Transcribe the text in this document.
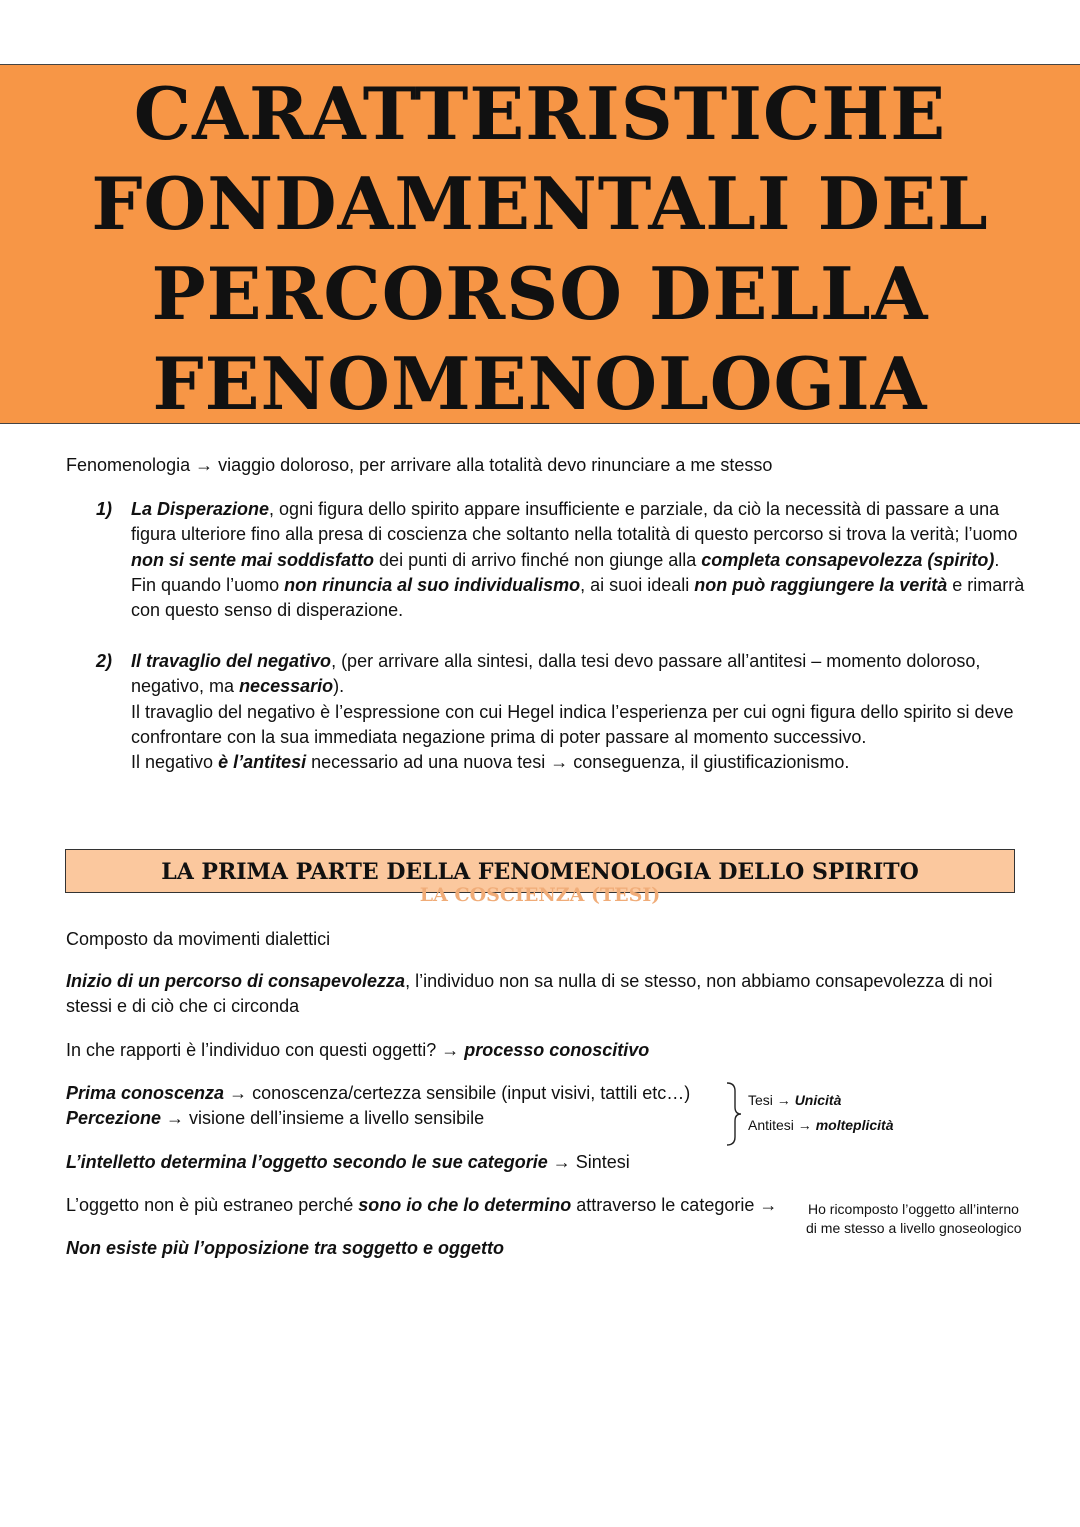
CARATTERISTICHE
FONDAMENTALI DEL
PERCORSO DELLA
FENOMENOLOGIA
Fenomenologia → viaggio doloroso, per arrivare alla totalità devo rinunciare a me stesso
1) La Disperazione, ogni figura dello spirito appare insufficiente e parziale, da ciò la necessità di passare a una figura ulteriore fino alla presa di coscienza che soltanto nella totalità di questo percorso si trova la verità; l’uomo non si sente mai soddisfatto dei punti di arrivo finché non giunge alla completa consapevolezza (spirito). Fin quando l’uomo non rinuncia al suo individualismo, ai suoi ideali non può raggiungere la verità e rimarrà con questo senso di disperazione.
2) Il travaglio del negativo, (per arrivare alla sintesi, dalla tesi devo passare all’antitesi – momento doloroso, negativo, ma necessario).

Il travaglio del negativo è l’espressione con cui Hegel indica l’esperienza per cui ogni figura dello spirito si deve confrontare con la sua immediata negazione prima di poter passare al momento successivo.

Il negativo è l’antitesi necessario ad una nuova tesi → conseguenza, il giustificazionismo.

LA PRIMA PARTE DELLA FENOMENOLOGIA DELLO SPIRITO
LA COSCIENZA (TESI)
Composto da movimenti dialettici
Inizio di un percorso di consapevolezza, l’individuo non sa nulla di se stesso, non abbiamo consapevolezza di noi stessi e di ciò che ci circonda
In che rapporti è l’individuo con questi oggetti? → processo conoscitivo
Prima conoscenza → conoscenza/certezza sensibile (input visivi, tattili etc…)
Percezione → visione dell’insieme a livello sensibile
Tesi → Unicità
Antitesi → molteplicità
L’intelletto determina l’oggetto secondo le sue categorie → Sintesi
L’oggetto non è più estraneo perché sono io che lo determino attraverso le categorie →	Ho ricomposto l’oggetto all’interno
di me stesso a livello gnoseologico
Non esiste più l’opposizione tra soggetto e oggetto
